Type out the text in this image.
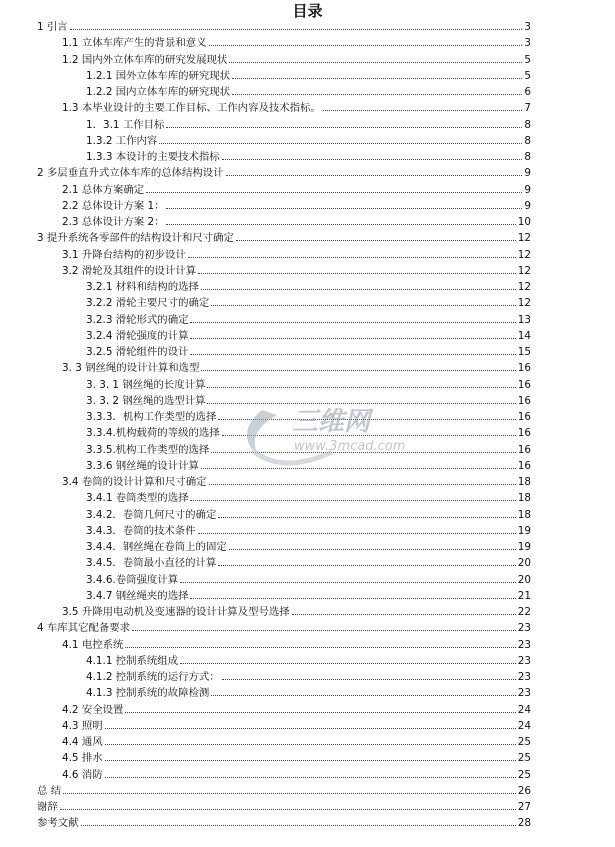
目录
1 引言	3
1.1 立体车库产生的背景和意义	3
1.2 国内外立体车库的研究发展现状	5
1.2.1 国外立体车库的研究现状	5
1.2.2 国内立体车库的研究现状	6
1.3 本毕业设计的主要工作目标、工作内容及技术指标。	7
1．3.1 工作目标	8
1.3.2 工作内容	8
1.3.3 本设计的主要技术指标	8
2 多层垂直升式立体车库的总体结构设计	9
2.1 总体方案确定	9
2.2 总体设计方案 1：	9
2.3 总体设计方案 2：	10
3 提升系统各零部件的结构设计和尺寸确定	12
3.1 升降台结构的初步设计	12
3.2 滑轮及其组件的设计计算	12
3.2.1 材料和结构的选择	12
3.2.2 滑轮主要尺寸的确定	12
3.2.3 滑轮形式的确定	13
3.2.4 滑轮强度的计算	14
3.2.5 滑轮组件的设计	15
3. 3 钢丝绳的设计计算和选型	16
3. 3. 1 钢丝绳的长度计算	16
3. 3. 2 钢丝绳的选型计算	16
3.3.3．机构工作类型的选择	16
3.3.4.机构载荷的等级的选择	16
3.3.5.机构工作类型的选择	16
3.3.6 钢丝绳的设计计算	16
3.4 卷筒的设计计算和尺寸确定	18
3.4.1 卷筒类型的选择	18
3.4.2．卷筒几何尺寸的确定	18
3.4.3．卷筒的技术条件	19
3.4.4．钢丝绳在卷筒上的固定	19
3.4.5．卷筒最小直径的计算	20
3.4.6.卷筒强度计算	20
3.4.7 钢丝绳夹的选择	21
3.5 升降用电动机及变速器的设计计算及型号选择	22
4 车库其它配备要求	23
4.1 电控系统	23
4.1.1 控制系统组成	23
4.1.2 控制系统的运行方式：	23
4.1.3 控制系统的故障检测	23
4.2 安全设置	24
4.3 照明	24
4.4 通风	25
4.5 排水	25
4.6 消防	25
总 结	26
谢辞	27
参考文献	28
三维网
www.3mcad.com
